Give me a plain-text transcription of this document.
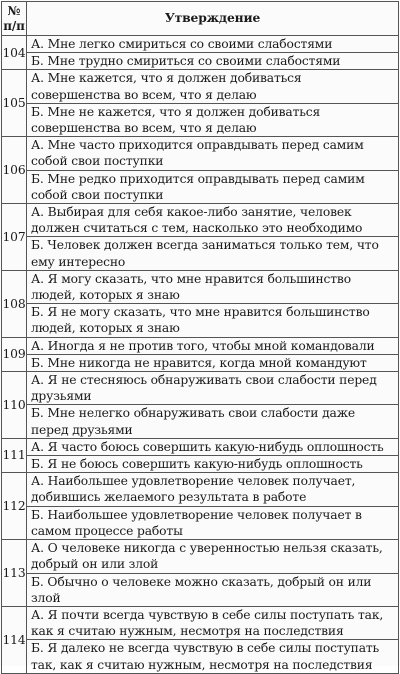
№
п/п	Утверждение
104	А. Мне легко смириться со своими слабостями
	Б. Мне трудно смириться со своими слабостями
105	А. Мне кажется, что я должен добиваться совершенства во всем, что я делаю
	Б. Мне не кажется, что я должен добиваться совершенства во всем, что я делаю
106	А. Мне часто приходится оправдывать перед самим собой свои поступки
	Б. Мне редко приходится оправдывать перед самим собой свои поступки
107	А. Выбирая для себя какое-либо занятие, человек должен считаться с тем, насколько это необходимо
	Б. Человек должен всегда заниматься только тем, что ему интересно
108	А. Я могу сказать, что мне нравится большинство людей, которых я знаю
	Б. Я не могу сказать, что мне нравится большинство людей, которых я знаю
109	А. Иногда я не против того, чтобы мной командовали
	Б. Мне никогда не нравится, когда мной командуют
110	А. Я не стесняюсь обнаруживать свои слабости перед друзьями
	Б. Мне нелегко обнаруживать свои слабости даже перед друзьями
111	А. Я часто боюсь совершить какую-нибудь оплошность
	Б. Я не боюсь совершить какую-нибудь оплошность
112	А. Наибольшее удовлетворение человек получает, добившись желаемого результата в работе
	Б. Наибольшее удовлетворение человек получает в самом процессе работы
113	А. О человеке никогда с уверенностью нельзя сказать, добрый он или злой
	Б. Обычно о человеке можно сказать, добрый он или злой
114	А. Я почти всегда чувствую в себе силы поступать так, как я считаю нужным, несмотря на последствия
	Б. Я далеко не всегда чувствую в себе силы поступать так, как я считаю нужным, несмотря на последствия
